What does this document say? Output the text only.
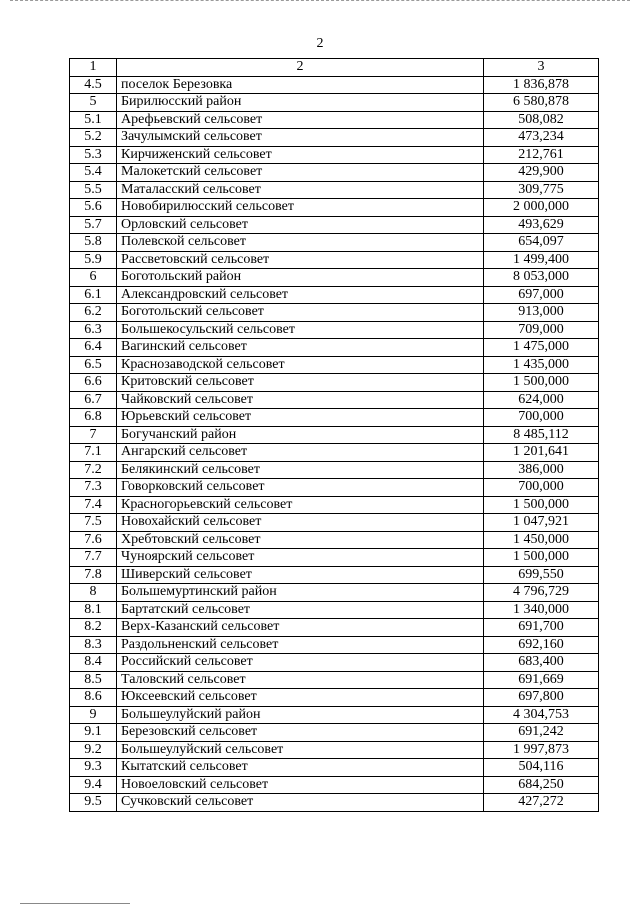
2
1	2	3
4.5	поселок Березовка	1 836,878
5	Бирилюсский район	6 580,878
5.1	Арефьевский сельсовет	508,082
5.2	Зачулымский сельсовет	473,234
5.3	Кирчиженский сельсовет	212,761
5.4	Малокетский сельсовет	429,900
5.5	Маталасский сельсовет	309,775
5.6	Новобирилюсский сельсовет	2 000,000
5.7	Орловский сельсовет	493,629
5.8	Полевской сельсовет	654,097
5.9	Рассветовский сельсовет	1 499,400
6	Боготольский район	8 053,000
6.1	Александровский сельсовет	697,000
6.2	Боготольский сельсовет	913,000
6.3	Большекосульский сельсовет	709,000
6.4	Вагинский сельсовет	1 475,000
6.5	Краснозаводской сельсовет	1 435,000
6.6	Критовский сельсовет	1 500,000
6.7	Чайковский сельсовет	624,000
6.8	Юрьевский сельсовет	700,000
7	Богучанский район	8 485,112
7.1	Ангарский сельсовет	1 201,641
7.2	Белякинский сельсовет	386,000
7.3	Говорковский сельсовет	700,000
7.4	Красногорьевский сельсовет	1 500,000
7.5	Новохайский сельсовет	1 047,921
7.6	Хребтовский сельсовет	1 450,000
7.7	Чуноярский сельсовет	1 500,000
7.8	Шиверский сельсовет	699,550
8	Большемуртинский район	4 796,729
8.1	Бартатский сельсовет	1 340,000
8.2	Верх-Казанский сельсовет	691,700
8.3	Раздольненский сельсовет	692,160
8.4	Российский сельсовет	683,400
8.5	Таловский сельсовет	691,669
8.6	Юксеевский сельсовет	697,800
9	Большеулуйский район	4 304,753
9.1	Березовский сельсовет	691,242
9.2	Большеулуйский сельсовет	1 997,873
9.3	Кытатский сельсовет	504,116
9.4	Новоеловский сельсовет	684,250
9.5	Сучковский сельсовет	427,272
